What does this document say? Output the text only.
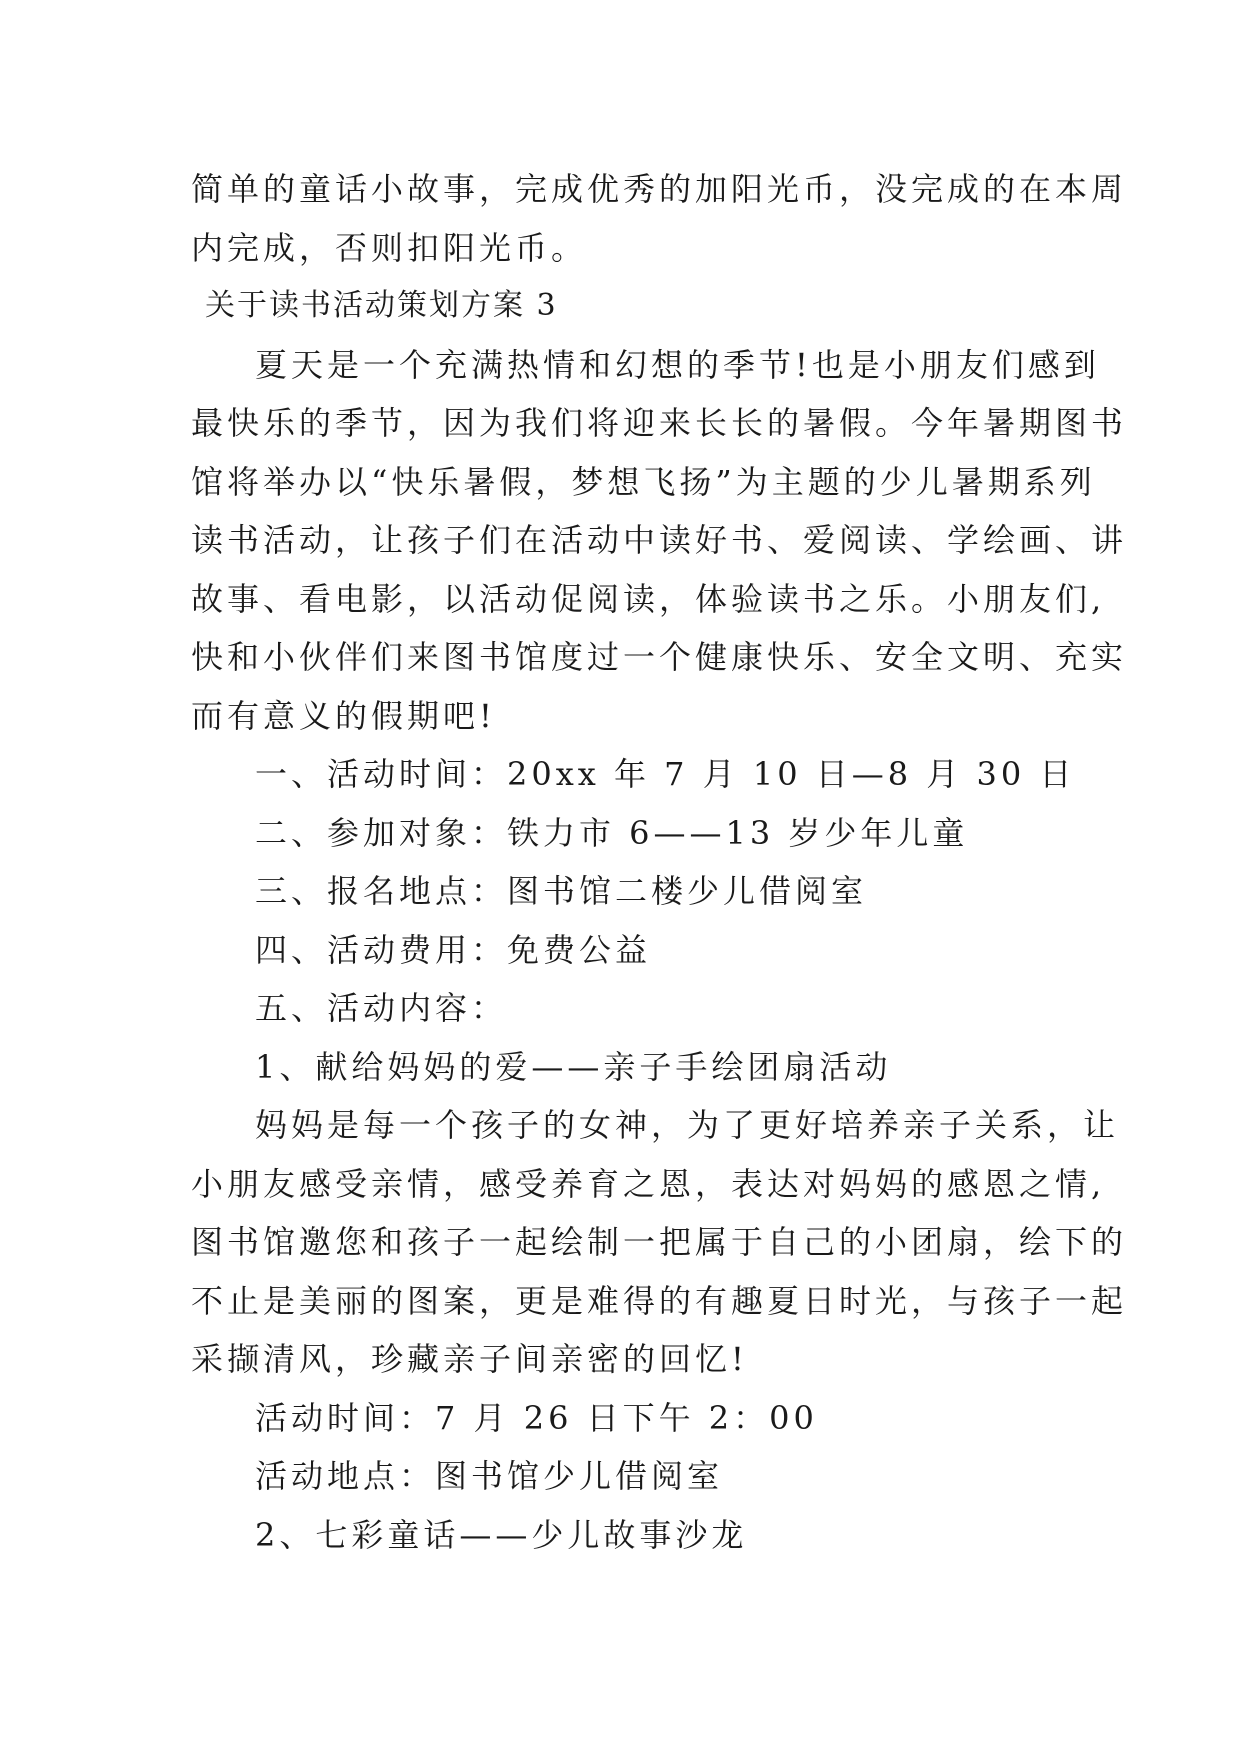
简单的童话小故事，完成优秀的加阳光币，没完成的在本周

内完成，否则扣阳光币。

关于读书活动策划方案 3

夏天是一个充满热情和幻想的季节!也是小朋友们感到

最快乐的季节，因为我们将迎来长长的暑假。今年暑期图书

馆将举办以“快乐暑假，梦想飞扬”为主题的少儿暑期系列

读书活动，让孩子们在活动中读好书、爱阅读、学绘画、讲

故事、看电影，以活动促阅读，体验读书之乐。小朋友们,

快和小伙伴们来图书馆度过一个健康快乐、安全文明、充实

而有意义的假期吧!

一、活动时间：20xx 年 7 月 10 日—8 月 30 日

二、参加对象：铁力市 6——13 岁少年儿童

三、报名地点：图书馆二楼少儿借阅室

四、活动费用：免费公益

五、活动内容：

1、献给妈妈的爱——亲子手绘团扇活动

妈妈是每一个孩子的女神，为了更好培养亲子关系，让

小朋友感受亲情，感受养育之恩，表达对妈妈的感恩之情,

图书馆邀您和孩子一起绘制一把属于自己的小团扇，绘下的

不止是美丽的图案，更是难得的有趣夏日时光，与孩子一起

采撷清风，珍藏亲子间亲密的回忆!

活动时间：7 月 26 日下午 2：00

活动地点：图书馆少儿借阅室

2、七彩童话——少儿故事沙龙
